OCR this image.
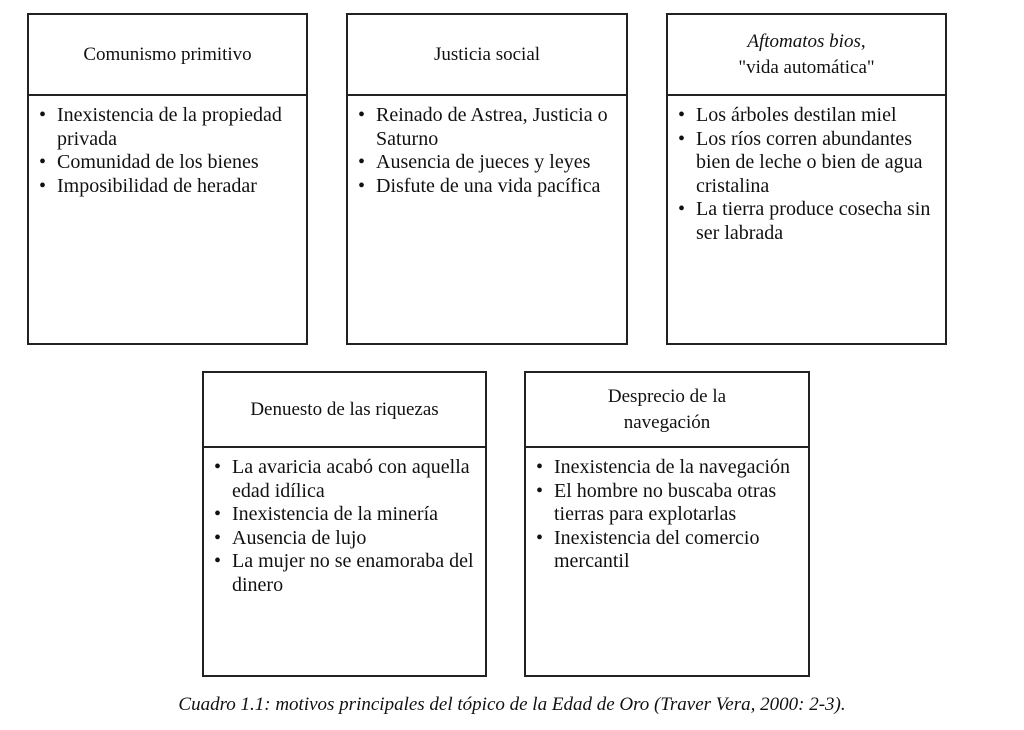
Comunismo primitivo
• Inexistencia de la propiedad privada
• Comunidad de los bienes
• Imposibilidad de heradar
Justicia social
• Reinado de Astrea, Justicia o Saturno
• Ausencia de jueces y leyes
• Disfute de una vida pacífica
Aftomatos bios,
"vida automática"
• Los árboles destilan miel
• Los ríos corren abundantes bien de leche o bien de agua cristalina
• La tierra produce cosecha sin ser labrada
Denuesto de las riquezas
• La avaricia acabó con aquella edad idílica
• Inexistencia de la minería
• Ausencia de lujo
• La mujer no se enamoraba del dinero
Desprecio de la navegación
• Inexistencia de la navegación
• El hombre no buscaba otras tierras para explotarlas
• Inexistencia del comercio mercantil
Cuadro 1.1: motivos principales del tópico de la Edad de Oro (Traver Vera, 2000: 2-3).
